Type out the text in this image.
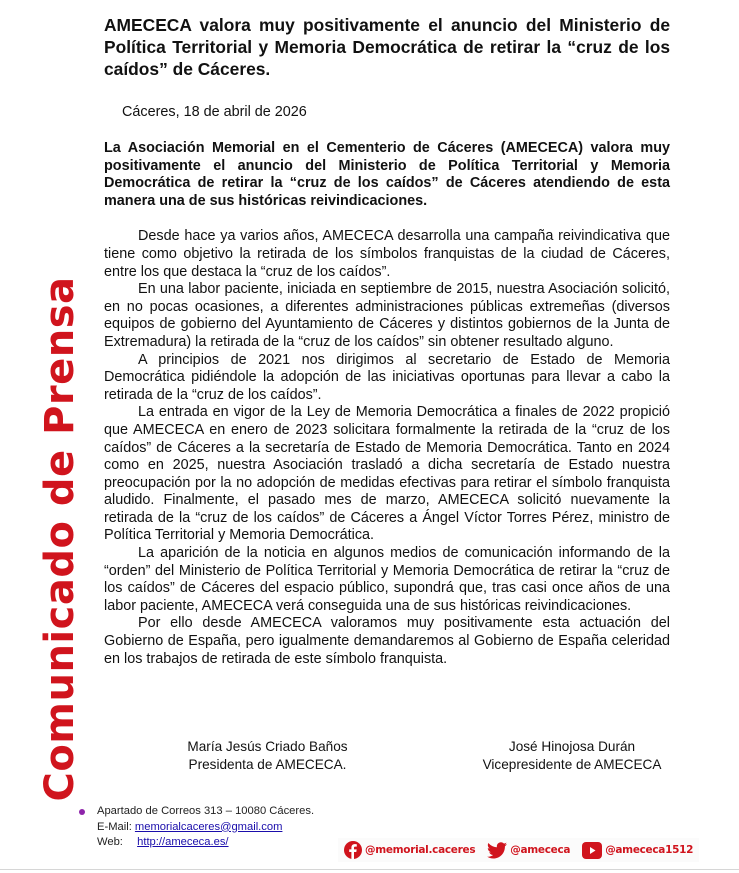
Comunicado de Prensa
AMECECA valora muy positivamente el anuncio del Ministerio de Política Territorial y Memoria Democrática de retirar la “cruz de los caídos” de Cáceres.
Cáceres, 18 de abril de 2026

La Asociación Memorial en el Cementerio de Cáceres (AMECECA) valora muy positivamente el anuncio del Ministerio de Política Territorial y Memoria Democrática de retirar la “cruz de los caídos” de Cáceres atendiendo de esta manera una de sus históricas reivindicaciones.

Desde hace ya varios años, AMECECA desarrolla una campaña reivindicativa que tiene como objetivo la retirada de los símbolos franquistas de la ciudad de Cáceres, entre los que destaca la “cruz de los caídos”.

En una labor paciente, iniciada en septiembre de 2015, nuestra Asociación solicitó, en no pocas ocasiones, a diferentes administraciones públicas extremeñas (diversos equipos de gobierno del Ayuntamiento de Cáceres y distintos gobiernos de la Junta de Extremadura) la retirada de la “cruz de los caídos” sin obtener resultado alguno.

A principios de 2021 nos dirigimos al secretario de Estado de Memoria Democrática pidiéndole la adopción de las iniciativas oportunas para llevar a cabo la retirada de la “cruz de los caídos”.

La entrada en vigor de la Ley de Memoria Democrática a finales de 2022 propició que AMECECA en enero de 2023 solicitara formalmente la retirada de la “cruz de los caídos” de Cáceres a la secretaría de Estado de Memoria Democrática. Tanto en 2024 como en 2025, nuestra Asociación trasladó a dicha secretaría de Estado nuestra preocupación por la no adopción de medidas efectivas para retirar el símbolo franquista aludido. Finalmente, el pasado mes de marzo, AMECECA solicitó nuevamente la retirada de la “cruz de los caídos” de Cáceres a Ángel Víctor Torres Pérez, ministro de Política Territorial y Memoria Democrática.

La aparición de la noticia en algunos medios de comunicación informando de la “orden” del Ministerio de Política Territorial y Memoria Democrática de retirar la “cruz de los caídos” de Cáceres del espacio público, supondrá que, tras casi once años de una labor paciente, AMECECA verá conseguida una de sus históricas reivindicaciones.

Por ello desde AMECECA valoramos muy positivamente esta actuación del Gobierno de España, pero igualmente demandaremos al Gobierno de España celeridad en los trabajos de retirada de este símbolo franquista.

María Jesús Criado Baños
Presidenta de AMECECA.
José Hinojosa Durán
Vicepresidente de AMECECA
Apartado de Correos 313 – 10080 Cáceres.
E-Mail: memorialcaceres@gmail.com
Web: http://amececa.es/
@memorial.caceres	@amececa	@amececa1512
